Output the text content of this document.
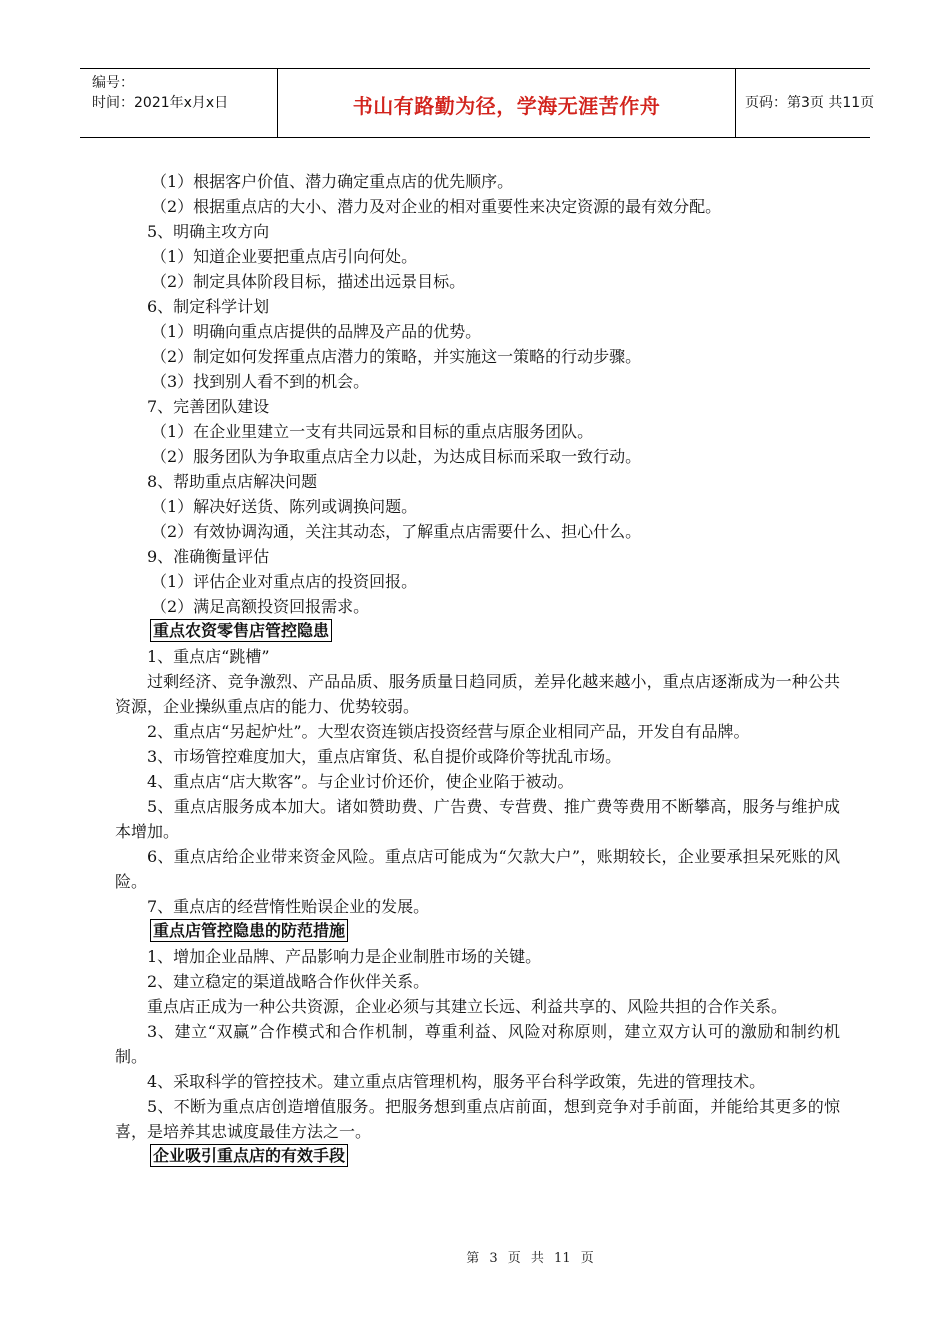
编号：
时间：2021年x月x日	书山有路勤为径，学海无涯苦作舟	页码：第3页 共11页
（1）根据客户价值、潜力确定重点店的优先顺序。
（2）根据重点店的大小、潜力及对企业的相对重要性来决定资源的最有效分配。
5、明确主攻方向
（1）知道企业要把重点店引向何处。
（2）制定具体阶段目标，描述出远景目标。
6、制定科学计划
（1）明确向重点店提供的品牌及产品的优势。
（2）制定如何发挥重点店潜力的策略，并实施这一策略的行动步骤。
（3）找到别人看不到的机会。
7、完善团队建设
（1）在企业里建立一支有共同远景和目标的重点店服务团队。
（2）服务团队为争取重点店全力以赴，为达成目标而采取一致行动。
8、帮助重点店解决问题
（1）解决好送货、陈列或调换问题。
（2）有效协调沟通，关注其动态，了解重点店需要什么、担心什么。
9、准确衡量评估
（1）评估企业对重点店的投资回报。
（2）满足高额投资回报需求。
重点农资零售店管控隐患
1、重点店“跳槽”
过剩经济、竞争激烈、产品品质、服务质量日趋同质，差异化越来越小，重点店逐渐成为一种公共资源，企业操纵重点店的能力、优势较弱。
2、重点店“另起炉灶”。大型农资连锁店投资经营与原企业相同产品，开发自有品牌。
3、市场管控难度加大，重点店窜货、私自提价或降价等扰乱市场。
4、重点店“店大欺客”。与企业讨价还价，使企业陷于被动。
5、重点店服务成本加大。诸如赞助费、广告费、专营费、推广费等费用不断攀高，服务与维护成本增加。
6、重点店给企业带来资金风险。重点店可能成为“欠款大户”，账期较长，企业要承担呆死账的风险。
7、重点店的经营惰性贻误企业的发展。
重点店管控隐患的防范措施
1、增加企业品牌、产品影响力是企业制胜市场的关键。
2、建立稳定的渠道战略合作伙伴关系。
重点店正成为一种公共资源，企业必须与其建立长远、利益共享的、风险共担的合作关系。
3、建立“双赢”合作模式和合作机制，尊重利益、风险对称原则，建立双方认可的激励和制约机制。
4、采取科学的管控技术。建立重点店管理机构，服务平台科学政策，先进的管理技术。
5、不断为重点店创造增值服务。把服务想到重点店前面，想到竞争对手前面，并能给其更多的惊喜，是培养其忠诚度最佳方法之一。
企业吸引重点店的有效手段
第 3 页 共 11 页
